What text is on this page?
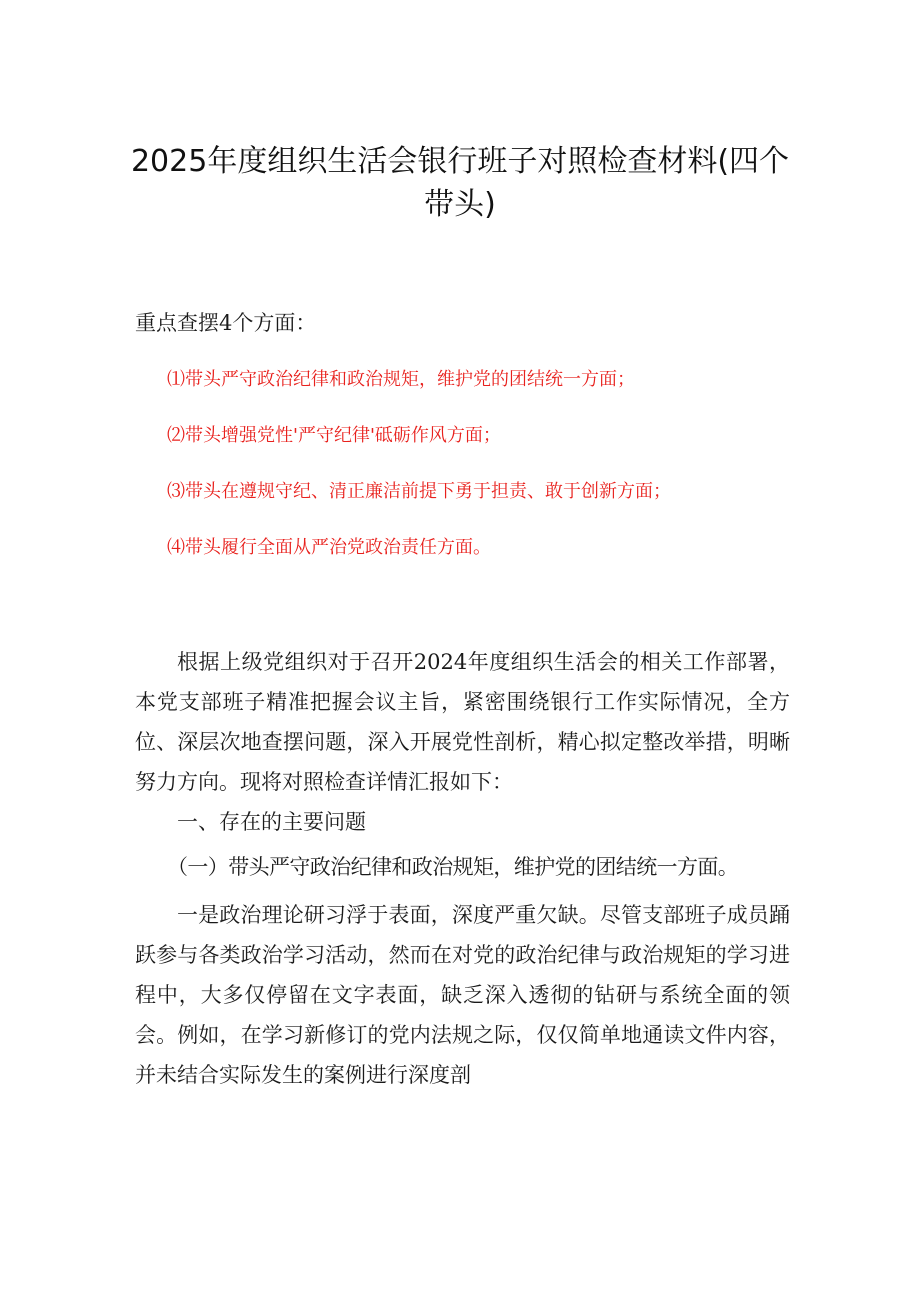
2025年度组织生活会银行班子对照检查材料(四个带头)

重点查摆4个方面：

⑴带头严守政治纪律和政治规矩，维护党的团结统一方面；
⑵带头增强党性'严守纪律'砥砺作风方面；
⑶带头在遵规守纪、清正廉洁前提下勇于担责、敢于创新方面；
⑷带头履行全面从严治党政治责任方面。

根据上级党组织对于召开2024年度组织生活会的相关工作部署，本党支部班子精准把握会议主旨，紧密围绕银行工作实际情况，全方位、深层次地查摆问题，深入开展党性剖析，精心拟定整改举措，明晰努力方向。现将对照检查详情汇报如下：

一、存在的主要问题

（一）带头严守政治纪律和政治规矩，维护党的团结统一方面。

一是政治理论研习浮于表面，深度严重欠缺。尽管支部班子成员踊跃参与各类政治学习活动，然而在对党的政治纪律与政治规矩的学习进程中，大多仅停留在文字表面，缺乏深入透彻的钻研与系统全面的领会。例如，在学习新修订的党内法规之际，仅仅简单地通读文件内容，并未结合实际发生的案例进行深度剖
